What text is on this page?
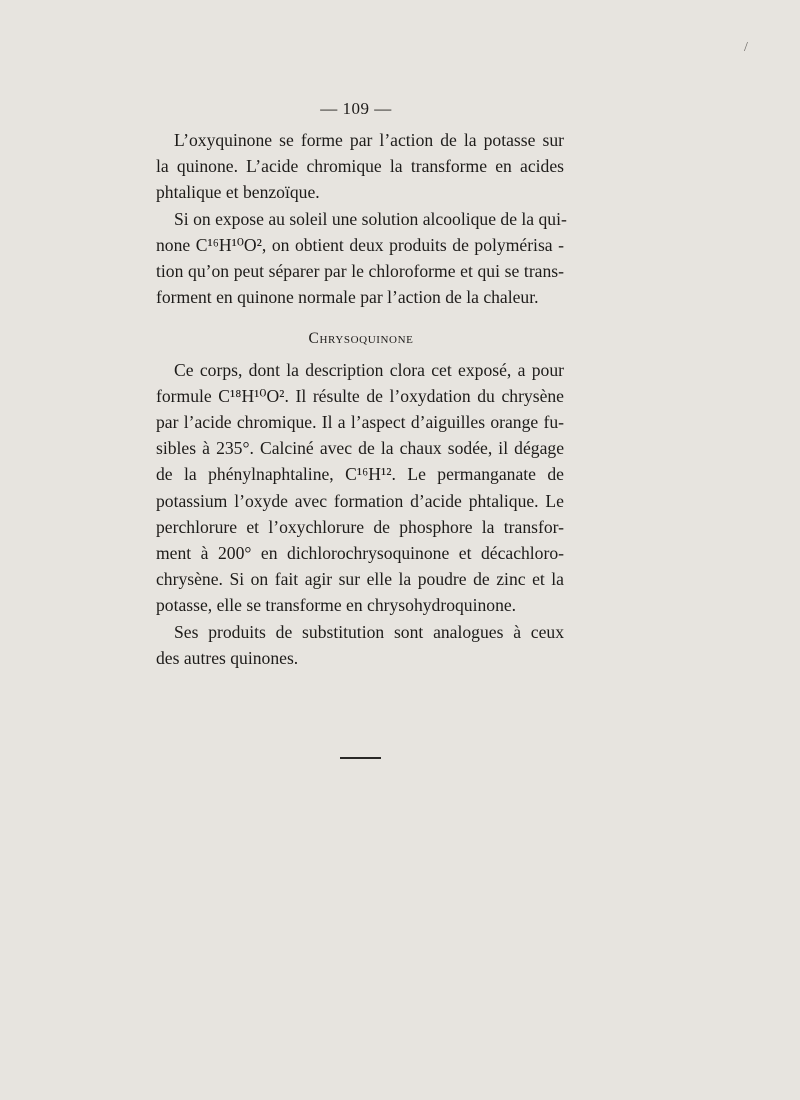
/
— 109 —
L’oxyquinone se forme par l’action de la potasse sur
la quinone. L’acide chromique la transforme en acides
phtalique et benzoïque.
Si on expose au soleil une solution alcoolique de la qui-
none C¹⁶H¹⁰O², on obtient deux produits de polymérisa -
tion qu’on peut séparer par le chloroforme et qui se trans-
forment en quinone normale par l’action de la chaleur.
Chrysoquinone
Ce corps, dont la description clora cet exposé, a pour
formule C¹⁸H¹⁰O². Il résulte de l’oxydation du chrysène
par l’acide chromique. Il a l’aspect d’aiguilles orange fu-
sibles à 235°. Calciné avec de la chaux sodée, il dégage
de la phénylnaphtaline, C¹⁶H¹². Le permanganate de
potassium l’oxyde avec formation d’acide phtalique. Le
perchlorure et l’oxychlorure de phosphore la transfor-
ment à 200° en dichlorochrysoquinone et décachloro-
chrysène. Si on fait agir sur elle la poudre de zinc et la
potasse, elle se transforme en chrysohydroquinone.
Ses produits de substitution sont analogues à ceux
des autres quinones.
